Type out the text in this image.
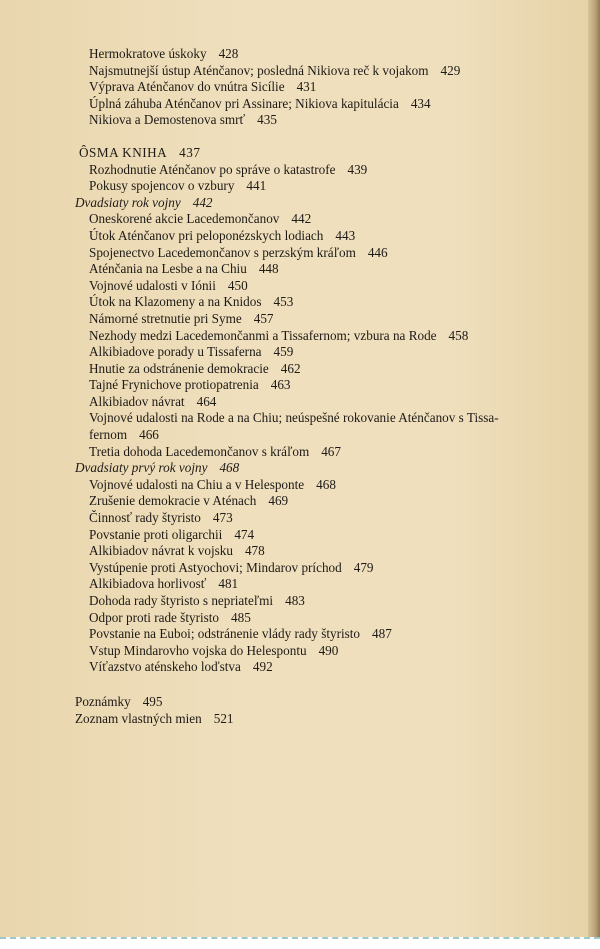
Hermokratove úskoky 428
Najsmutnejší ústup Aténčanov; posledná Nikiova reč k vojakom 429
Výprava Aténčanov do vnútra Sicílie 431
Úplná záhuba Aténčanov pri Assinare; Nikiova kapitulácia 434
Nikiova a Demostenova smrť 435
ÔSMA KNIHA 437
Rozhodnutie Aténčanov po správe o katastrofe 439
Pokusy spojencov o vzbury 441
Dvadsiaty rok vojny 442
Oneskorené akcie Lacedemončanov 442
Útok Aténčanov pri peloponézskych lodiach 443
Spojenectvo Lacedemončanov s perzským kráľom 446
Aténčania na Lesbe a na Chiu 448
Vojnové udalosti v Iónii 450
Útok na Klazomeny a na Knidos 453
Námorné stretnutie pri Syme 457
Nezhody medzi Lacedemončanmi a Tissafernom; vzbura na Rode 458
Alkibiadove porady u Tissaferna 459
Hnutie za odstránenie demokracie 462
Tajné Frynichove protiopatrenia 463
Alkibiadov návrat 464
Vojnové udalosti na Rode a na Chiu; neúspešné rokovanie Aténčanov s Tissa-
fernom 466
Tretia dohoda Lacedemončanov s kráľom 467
Dvadsiaty prvý rok vojny 468
Vojnové udalosti na Chiu a v Helesponte 468
Zrušenie demokracie v Aténach 469
Činnosť rady štyristo 473
Povstanie proti oligarchii 474
Alkibiadov návrat k vojsku 478
Vystúpenie proti Astyochovi; Mindarov príchod 479
Alkibiadova horlivosť 481
Dohoda rady štyristo s nepriateľmi 483
Odpor proti rade štyristo 485
Povstanie na Euboi; odstránenie vlády rady štyristo 487
Vstup Mindarovho vojska do Helespontu 490
Víťazstvo aténskeho loďstva 492
Poznámky 495
Zoznam vlastných mien 521
